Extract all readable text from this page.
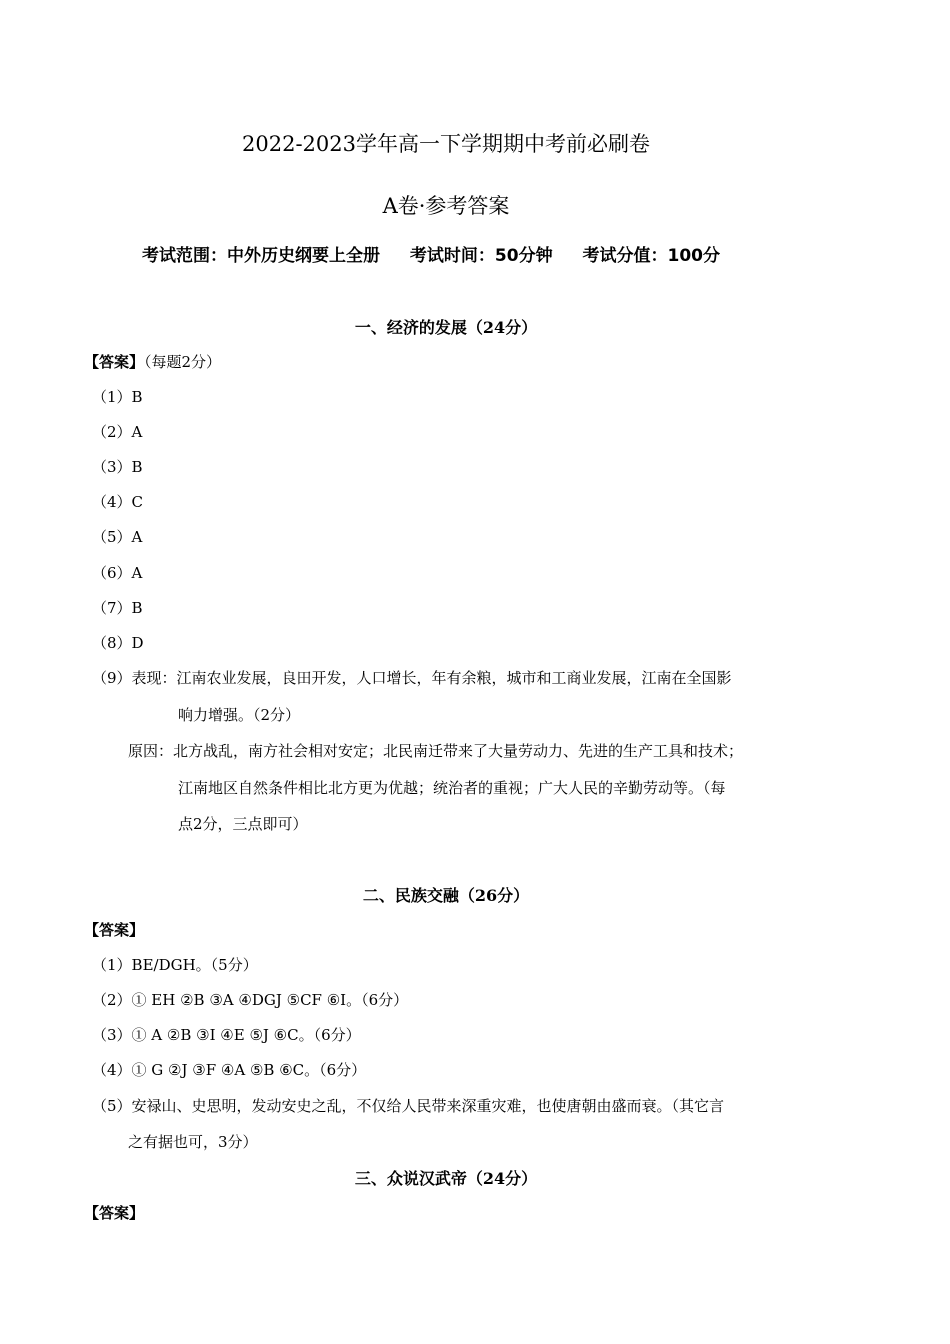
2022-2023学年高一下学期期中考前必刷卷
A卷·参考答案
考试范围：中外历史纲要上全册 考试时间：50分钟 考试分值：100分
一、经济的发展（24分）
【答案】（每题2分）
（1）B
（2）A
（3）B
（4）C
（5）A
（6）A
（7）B
（8）D
（9）表现：江南农业发展，良田开发，人口增长，年有余粮，城市和工商业发展，江南在全国影
响力增强。（2分）
原因：北方战乱，南方社会相对安定；北民南迁带来了大量劳动力、先进的生产工具和技术；
江南地区自然条件相比北方更为优越；统治者的重视；广大人民的辛勤劳动等。（每
点2分，三点即可）
二、民族交融（26分）
【答案】
（1）BE/DGH。（5分）
（2）① EH ②B ③A ④DGJ ⑤CF ⑥I。（6分）
（3）① A ②B ③I ④E ⑤J ⑥C。（6分）
（4）① G ②J ③F ④A ⑤B ⑥C。（6分）
（5）安禄山、史思明，发动安史之乱，不仅给人民带来深重灾难，也使唐朝由盛而衰。（其它言
之有据也可，3分）
三、众说汉武帝（24分）
【答案】
